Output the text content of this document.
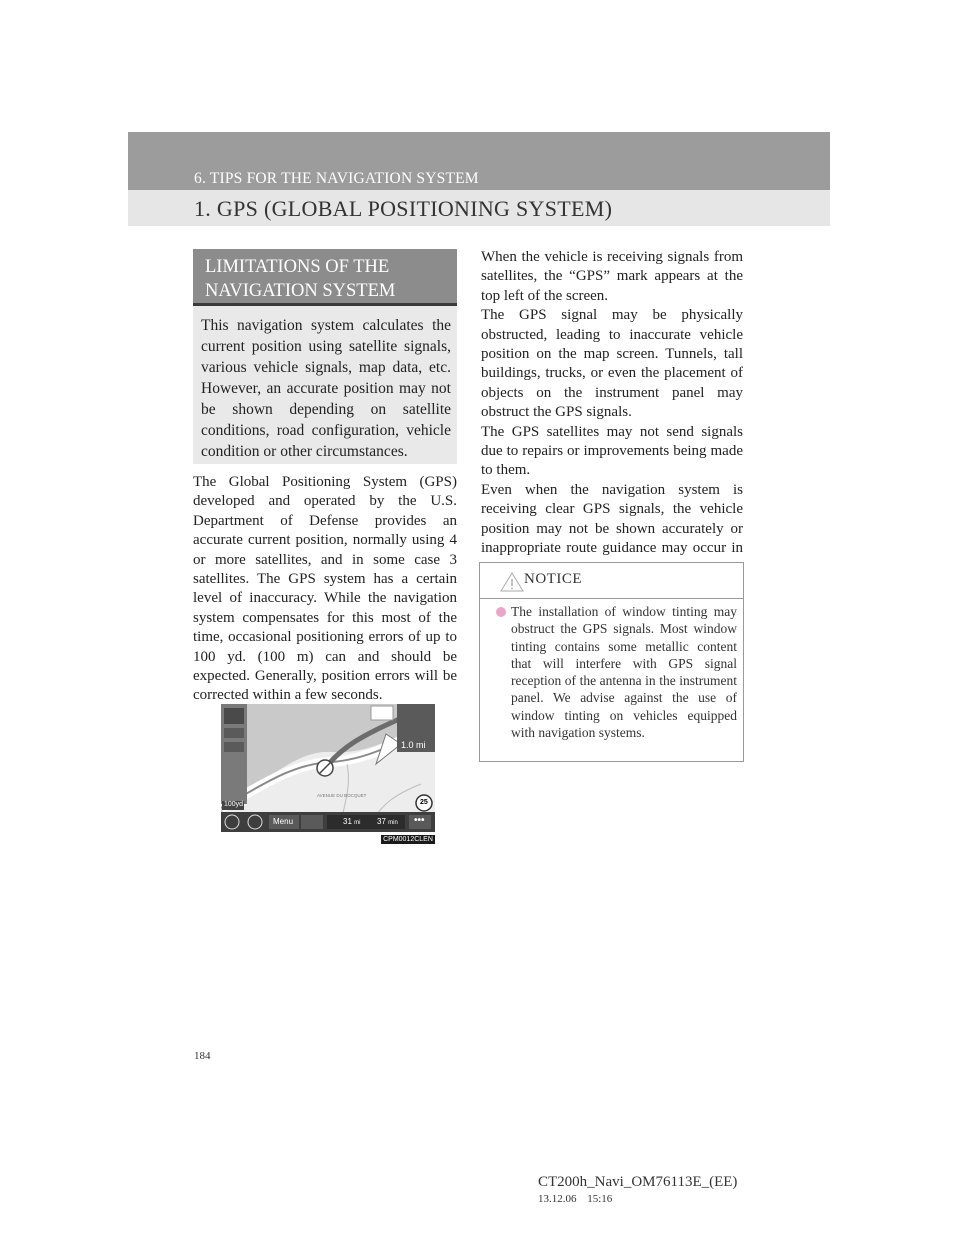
6. TIPS FOR THE NAVIGATION SYSTEM
1. GPS (GLOBAL POSITIONING SYSTEM)
LIMITATIONS OF THE
NAVIGATION SYSTEM
This navigation system calculates the current position using satellite signals, various vehicle signals, map data, etc. However, an accurate position may not be shown depending on satellite conditions, road configuration, vehicle condition or other circumstances.
The Global Positioning System (GPS) developed and operated by the U.S. Department of Defense provides an accurate current position, normally using 4 or more satellites, and in some case 3 satellites. The GPS system has a certain level of inaccuracy. While the navigation system compensates for this most of the time, occasional positioning errors of up to 100 yd. (100 m) can and should be expected. Generally, position errors will be corrected within a few seconds.
100yd
1.0 mi
AVENUE DU BOCQUET
25
Menu	31 mi 37 min •••
CPM0012CLEN

When the vehicle is receiving signals from satellites, the “GPS” mark appears at the top left of the screen.

The GPS signal may be physically obstructed, leading to inaccurate vehicle position on the map screen. Tunnels, tall buildings, trucks, or even the placement of objects on the instrument panel may obstruct the GPS signals.

The GPS satellites may not send signals due to repairs or improvements being made to them.

Even when the navigation system is receiving clear GPS signals, the vehicle position may not be shown accurately or inappropriate route guidance may occur in

NOTICE
The installation of window tinting may obstruct the GPS signals. Most window tinting contains some metallic content that will interfere with GPS signal reception of the antenna in the instrument panel. We advise against the use of window tinting on vehicles equipped with navigation systems.
184
CT200h_Navi_OM76113E_(EE)
13.12.06 15:16
